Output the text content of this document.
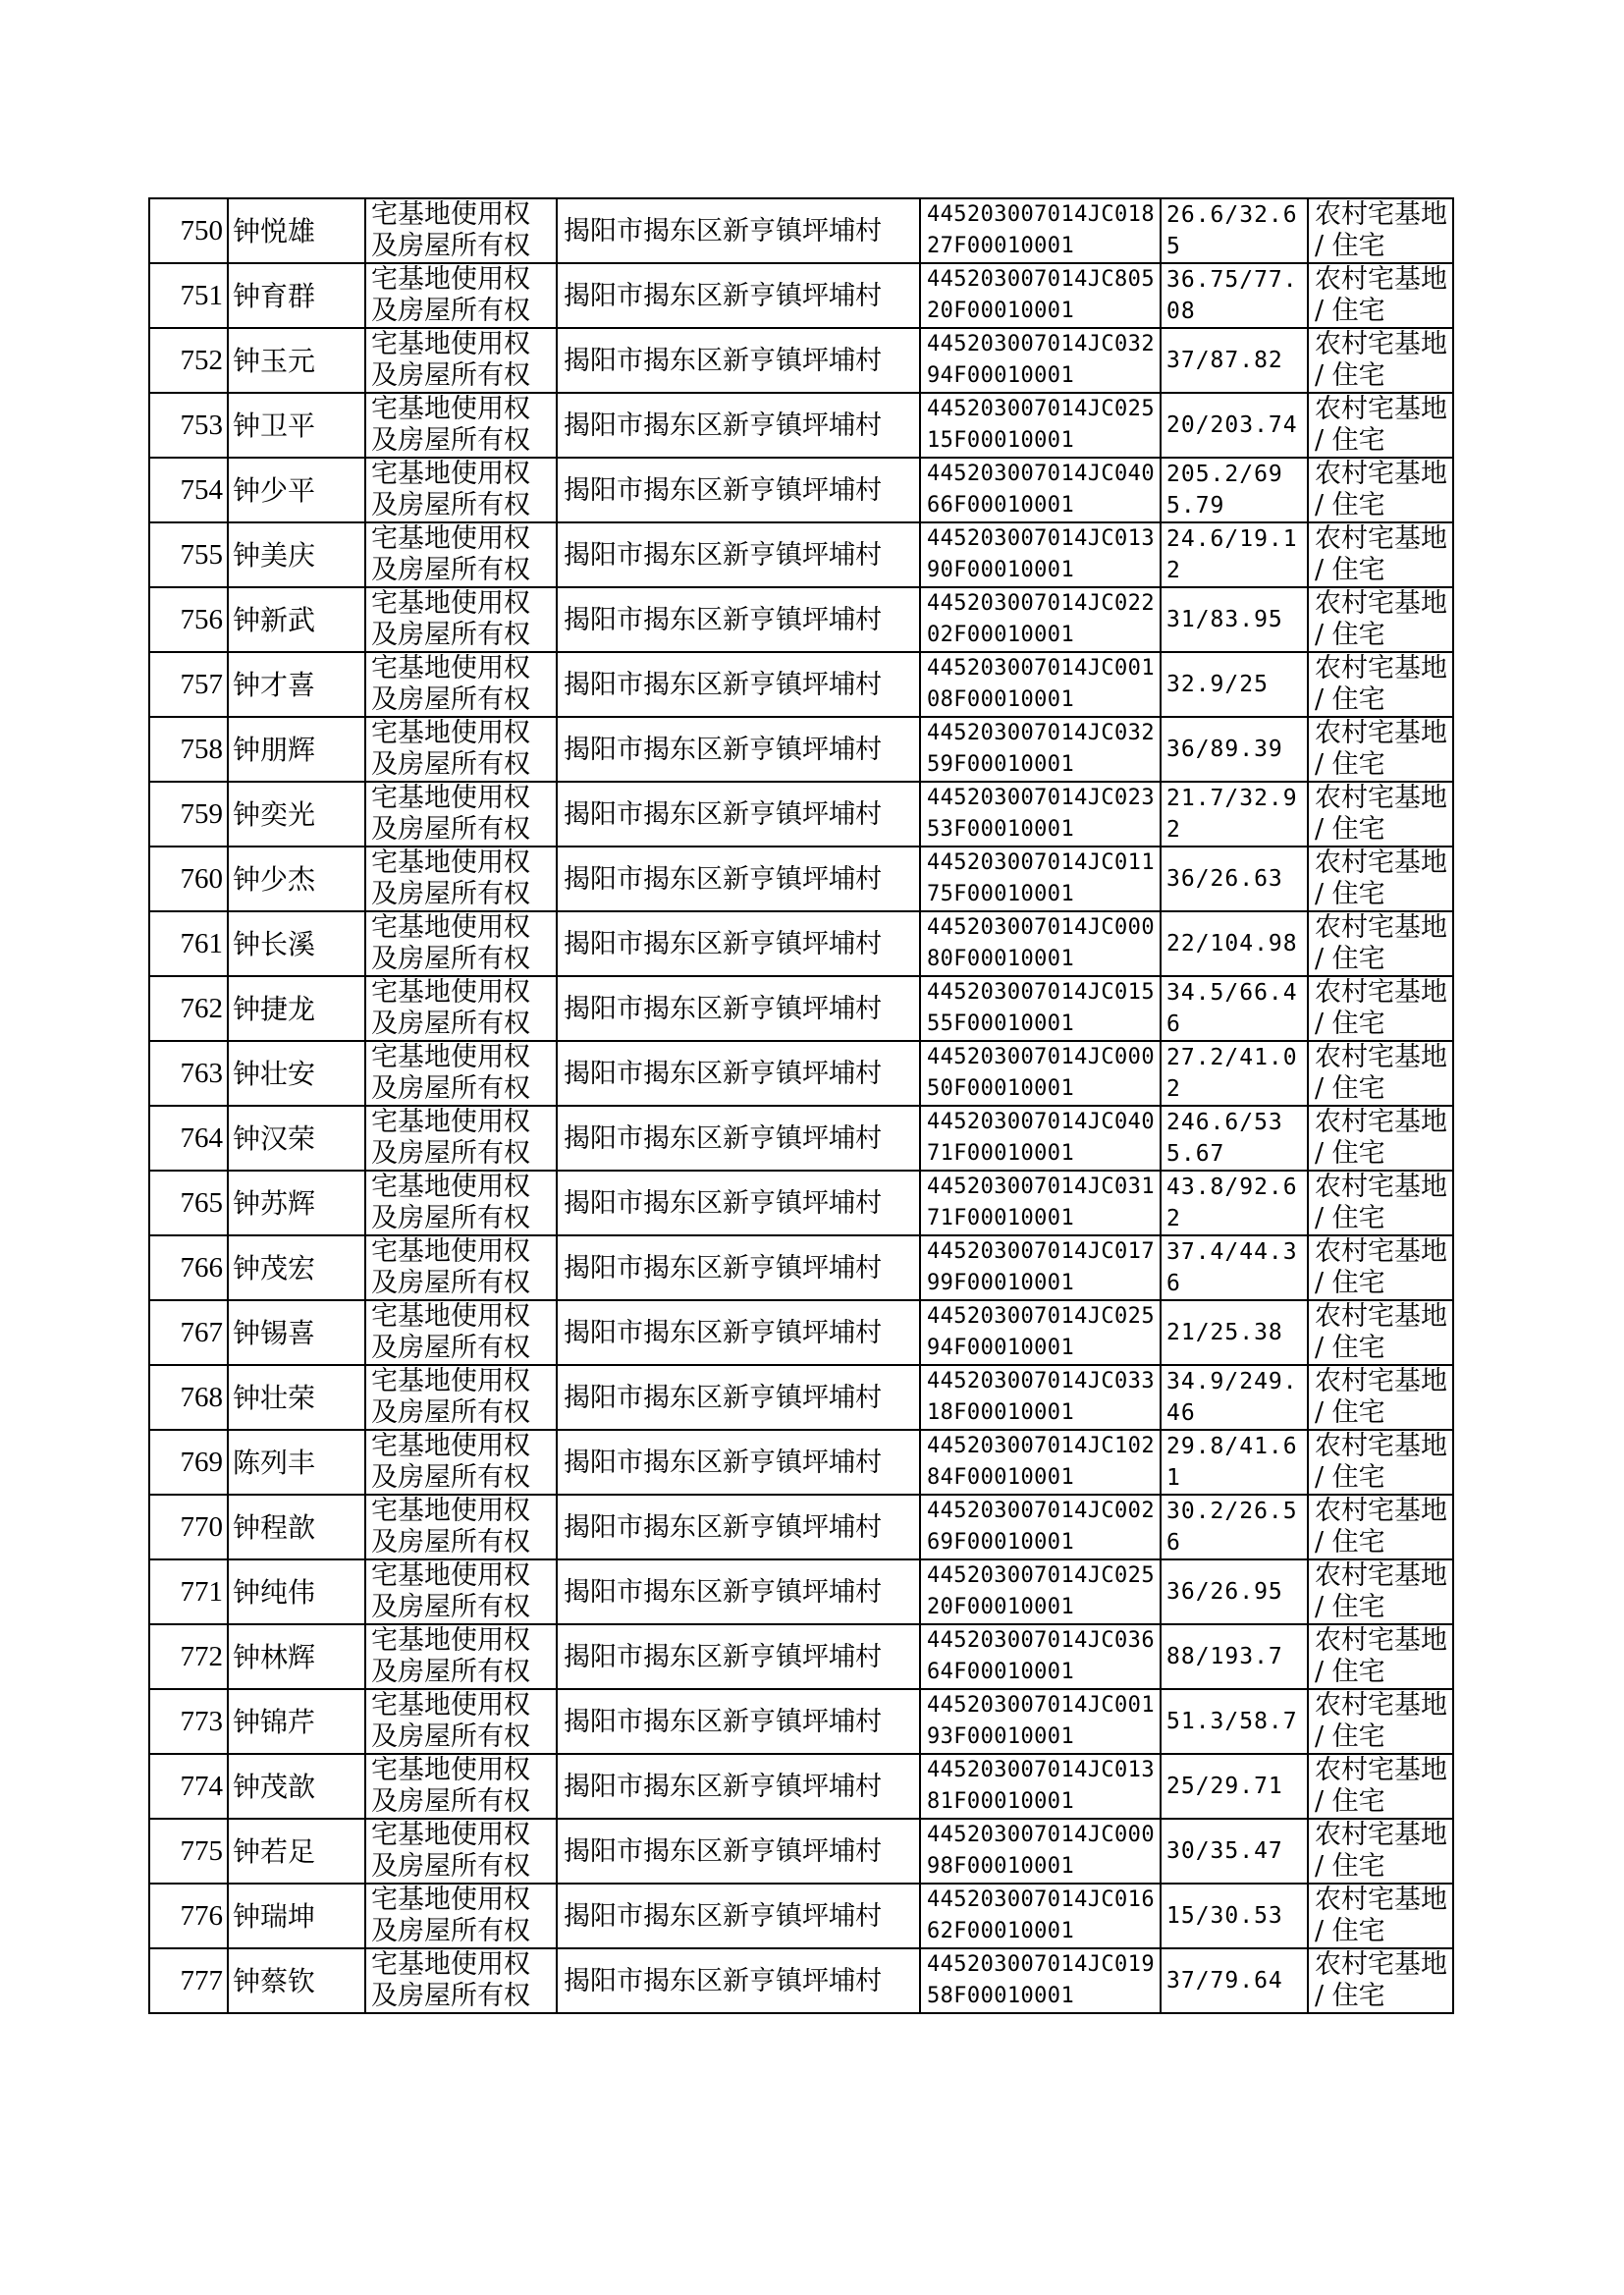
750	钟悦雄	宅基地使用权及房屋所有权	揭阳市揭东区新亨镇坪埔村	445203007014JC01827F00010001	26.6/32.65	农村宅基地 / 住宅
751	钟育群	宅基地使用权及房屋所有权	揭阳市揭东区新亨镇坪埔村	445203007014JC80520F00010001	36.75/77.08	农村宅基地 / 住宅
752	钟玉元	宅基地使用权及房屋所有权	揭阳市揭东区新亨镇坪埔村	445203007014JC03294F00010001	37/87.82	农村宅基地 / 住宅
753	钟卫平	宅基地使用权及房屋所有权	揭阳市揭东区新亨镇坪埔村	445203007014JC02515F00010001	20/203.74	农村宅基地 / 住宅
754	钟少平	宅基地使用权及房屋所有权	揭阳市揭东区新亨镇坪埔村	445203007014JC04066F00010001	205.2/695.79	农村宅基地 / 住宅
755	钟美庆	宅基地使用权及房屋所有权	揭阳市揭东区新亨镇坪埔村	445203007014JC01390F00010001	24.6/19.12	农村宅基地 / 住宅
756	钟新武	宅基地使用权及房屋所有权	揭阳市揭东区新亨镇坪埔村	445203007014JC02202F00010001	31/83.95	农村宅基地 / 住宅
757	钟才喜	宅基地使用权及房屋所有权	揭阳市揭东区新亨镇坪埔村	445203007014JC00108F00010001	32.9/25	农村宅基地 / 住宅
758	钟朋辉	宅基地使用权及房屋所有权	揭阳市揭东区新亨镇坪埔村	445203007014JC03259F00010001	36/89.39	农村宅基地 / 住宅
759	钟奕光	宅基地使用权及房屋所有权	揭阳市揭东区新亨镇坪埔村	445203007014JC02353F00010001	21.7/32.92	农村宅基地 / 住宅
760	钟少杰	宅基地使用权及房屋所有权	揭阳市揭东区新亨镇坪埔村	445203007014JC01175F00010001	36/26.63	农村宅基地 / 住宅
761	钟长溪	宅基地使用权及房屋所有权	揭阳市揭东区新亨镇坪埔村	445203007014JC00080F00010001	22/104.98	农村宅基地 / 住宅
762	钟捷龙	宅基地使用权及房屋所有权	揭阳市揭东区新亨镇坪埔村	445203007014JC01555F00010001	34.5/66.46	农村宅基地 / 住宅
763	钟壮安	宅基地使用权及房屋所有权	揭阳市揭东区新亨镇坪埔村	445203007014JC00050F00010001	27.2/41.02	农村宅基地 / 住宅
764	钟汉荣	宅基地使用权及房屋所有权	揭阳市揭东区新亨镇坪埔村	445203007014JC04071F00010001	246.6/535.67	农村宅基地 / 住宅
765	钟苏辉	宅基地使用权及房屋所有权	揭阳市揭东区新亨镇坪埔村	445203007014JC03171F00010001	43.8/92.62	农村宅基地 / 住宅
766	钟茂宏	宅基地使用权及房屋所有权	揭阳市揭东区新亨镇坪埔村	445203007014JC01799F00010001	37.4/44.36	农村宅基地 / 住宅
767	钟锡喜	宅基地使用权及房屋所有权	揭阳市揭东区新亨镇坪埔村	445203007014JC02594F00010001	21/25.38	农村宅基地 / 住宅
768	钟壮荣	宅基地使用权及房屋所有权	揭阳市揭东区新亨镇坪埔村	445203007014JC03318F00010001	34.9/249.46	农村宅基地 / 住宅
769	陈列丰	宅基地使用权及房屋所有权	揭阳市揭东区新亨镇坪埔村	445203007014JC10284F00010001	29.8/41.61	农村宅基地 / 住宅
770	钟程歆	宅基地使用权及房屋所有权	揭阳市揭东区新亨镇坪埔村	445203007014JC00269F00010001	30.2/26.56	农村宅基地 / 住宅
771	钟纯伟	宅基地使用权及房屋所有权	揭阳市揭东区新亨镇坪埔村	445203007014JC02520F00010001	36/26.95	农村宅基地 / 住宅
772	钟林辉	宅基地使用权及房屋所有权	揭阳市揭东区新亨镇坪埔村	445203007014JC03664F00010001	88/193.7	农村宅基地 / 住宅
773	钟锦芹	宅基地使用权及房屋所有权	揭阳市揭东区新亨镇坪埔村	445203007014JC00193F00010001	51.3/58.7	农村宅基地 / 住宅
774	钟茂歆	宅基地使用权及房屋所有权	揭阳市揭东区新亨镇坪埔村	445203007014JC01381F00010001	25/29.71	农村宅基地 / 住宅
775	钟若足	宅基地使用权及房屋所有权	揭阳市揭东区新亨镇坪埔村	445203007014JC00098F00010001	30/35.47	农村宅基地 / 住宅
776	钟瑞坤	宅基地使用权及房屋所有权	揭阳市揭东区新亨镇坪埔村	445203007014JC01662F00010001	15/30.53	农村宅基地 / 住宅
777	钟蔡钦	宅基地使用权及房屋所有权	揭阳市揭东区新亨镇坪埔村	445203007014JC01958F00010001	37/79.64	农村宅基地 / 住宅
